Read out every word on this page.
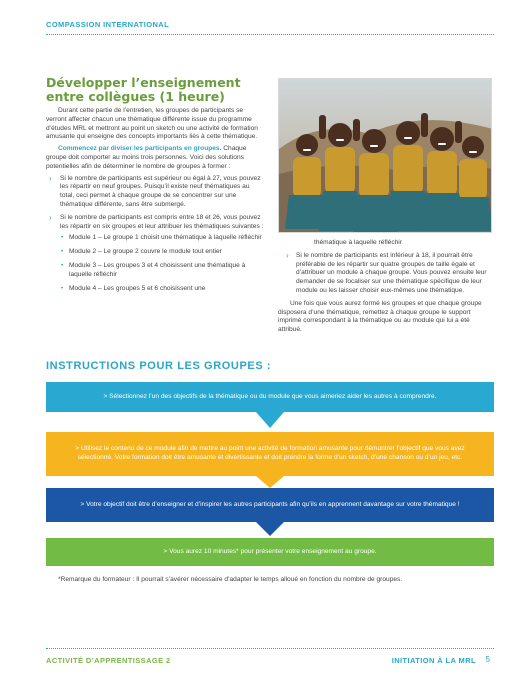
COMPASSION INTERNATIONAL
Développer l’enseignement entre collègues (1 heure)

Durant cette partie de l’entretien, les groupes de participants se verront affecter chacun une thématique différente issue du programme d’études MRL et mettront au point un sketch ou une activité de formation amusante qui enseigne des concepts importants liés à cette thématique.

Commencez par diviser les participants en groupes. Chaque groupe doit comporter au moins trois personnes. Voici des solutions potentielles afin de déterminer le nombre de groupes à former :

› Si le nombre de participants est supérieur ou égal à 27, vous pouvez les répartir en neuf groupes. Puisqu’il existe neuf thématiques au total, ceci permet à chaque groupe de se concentrer sur une thématique différente, sans être submergé.
› Si le nombre de participants est compris entre 18 et 26, vous pouvez les répartir en six groupes et leur attribuer les thématiques suivantes :
• Module 1 – Le groupe 1 choisit une thématique à laquelle réfléchir
• Module 2 – Le groupe 2 couvre le module tout entier
• Module 3 – Les groupes 3 et 4 choisissent une thématique à laquelle réfléchir
• Module 4 – Les groupes 5 et 6 choisissent une
thématique à laquelle réfléchir
› Si le nombre de participants est inférieur à 18, il pourrait être préférable de les répartir sur quatre groupes de taille égale et d’attribuer un module à chaque groupe. Vous pouvez ensuite leur demander de se focaliser sur une thématique spécifique de leur module ou les laisser choisir eux-mêmes une thématique.

Une fois que vous aurez formé les groupes et que chaque groupe disposera d’une thématique, remettez à chaque groupe le support imprimé correspondant à la thématique ou au module qui lui a été attribué.

INSTRUCTIONS POUR LES GROUPES :
> Sélectionnez l’un des objectifs de la thématique ou du module que vous aimeriez aider les autres à comprendre.
> Utilisez le contenu de ce module afin de mettre au point une activité de formation amusante pour démontrer l’objectif que vous avez sélectionné. Votre formation doit être amusante et divertissante et doit prendre la forme d’un sketch, d’une chanson ou d’un jeu, etc.
> Votre objectif doit être d’enseigner et d’inspirer les autres participants afin qu’ils en apprennent davantage sur votre thématique !
> Vous aurez 10 minutes* pour présenter votre enseignement au groupe.
*Remarque du formateur : Il pourrait s’avérer nécessaire d’adapter le temps alloué en fonction du nombre de groupes.
ACTIVITÉ D’APPRENTISSAGE 2	INITIATION À LA MRL 5
